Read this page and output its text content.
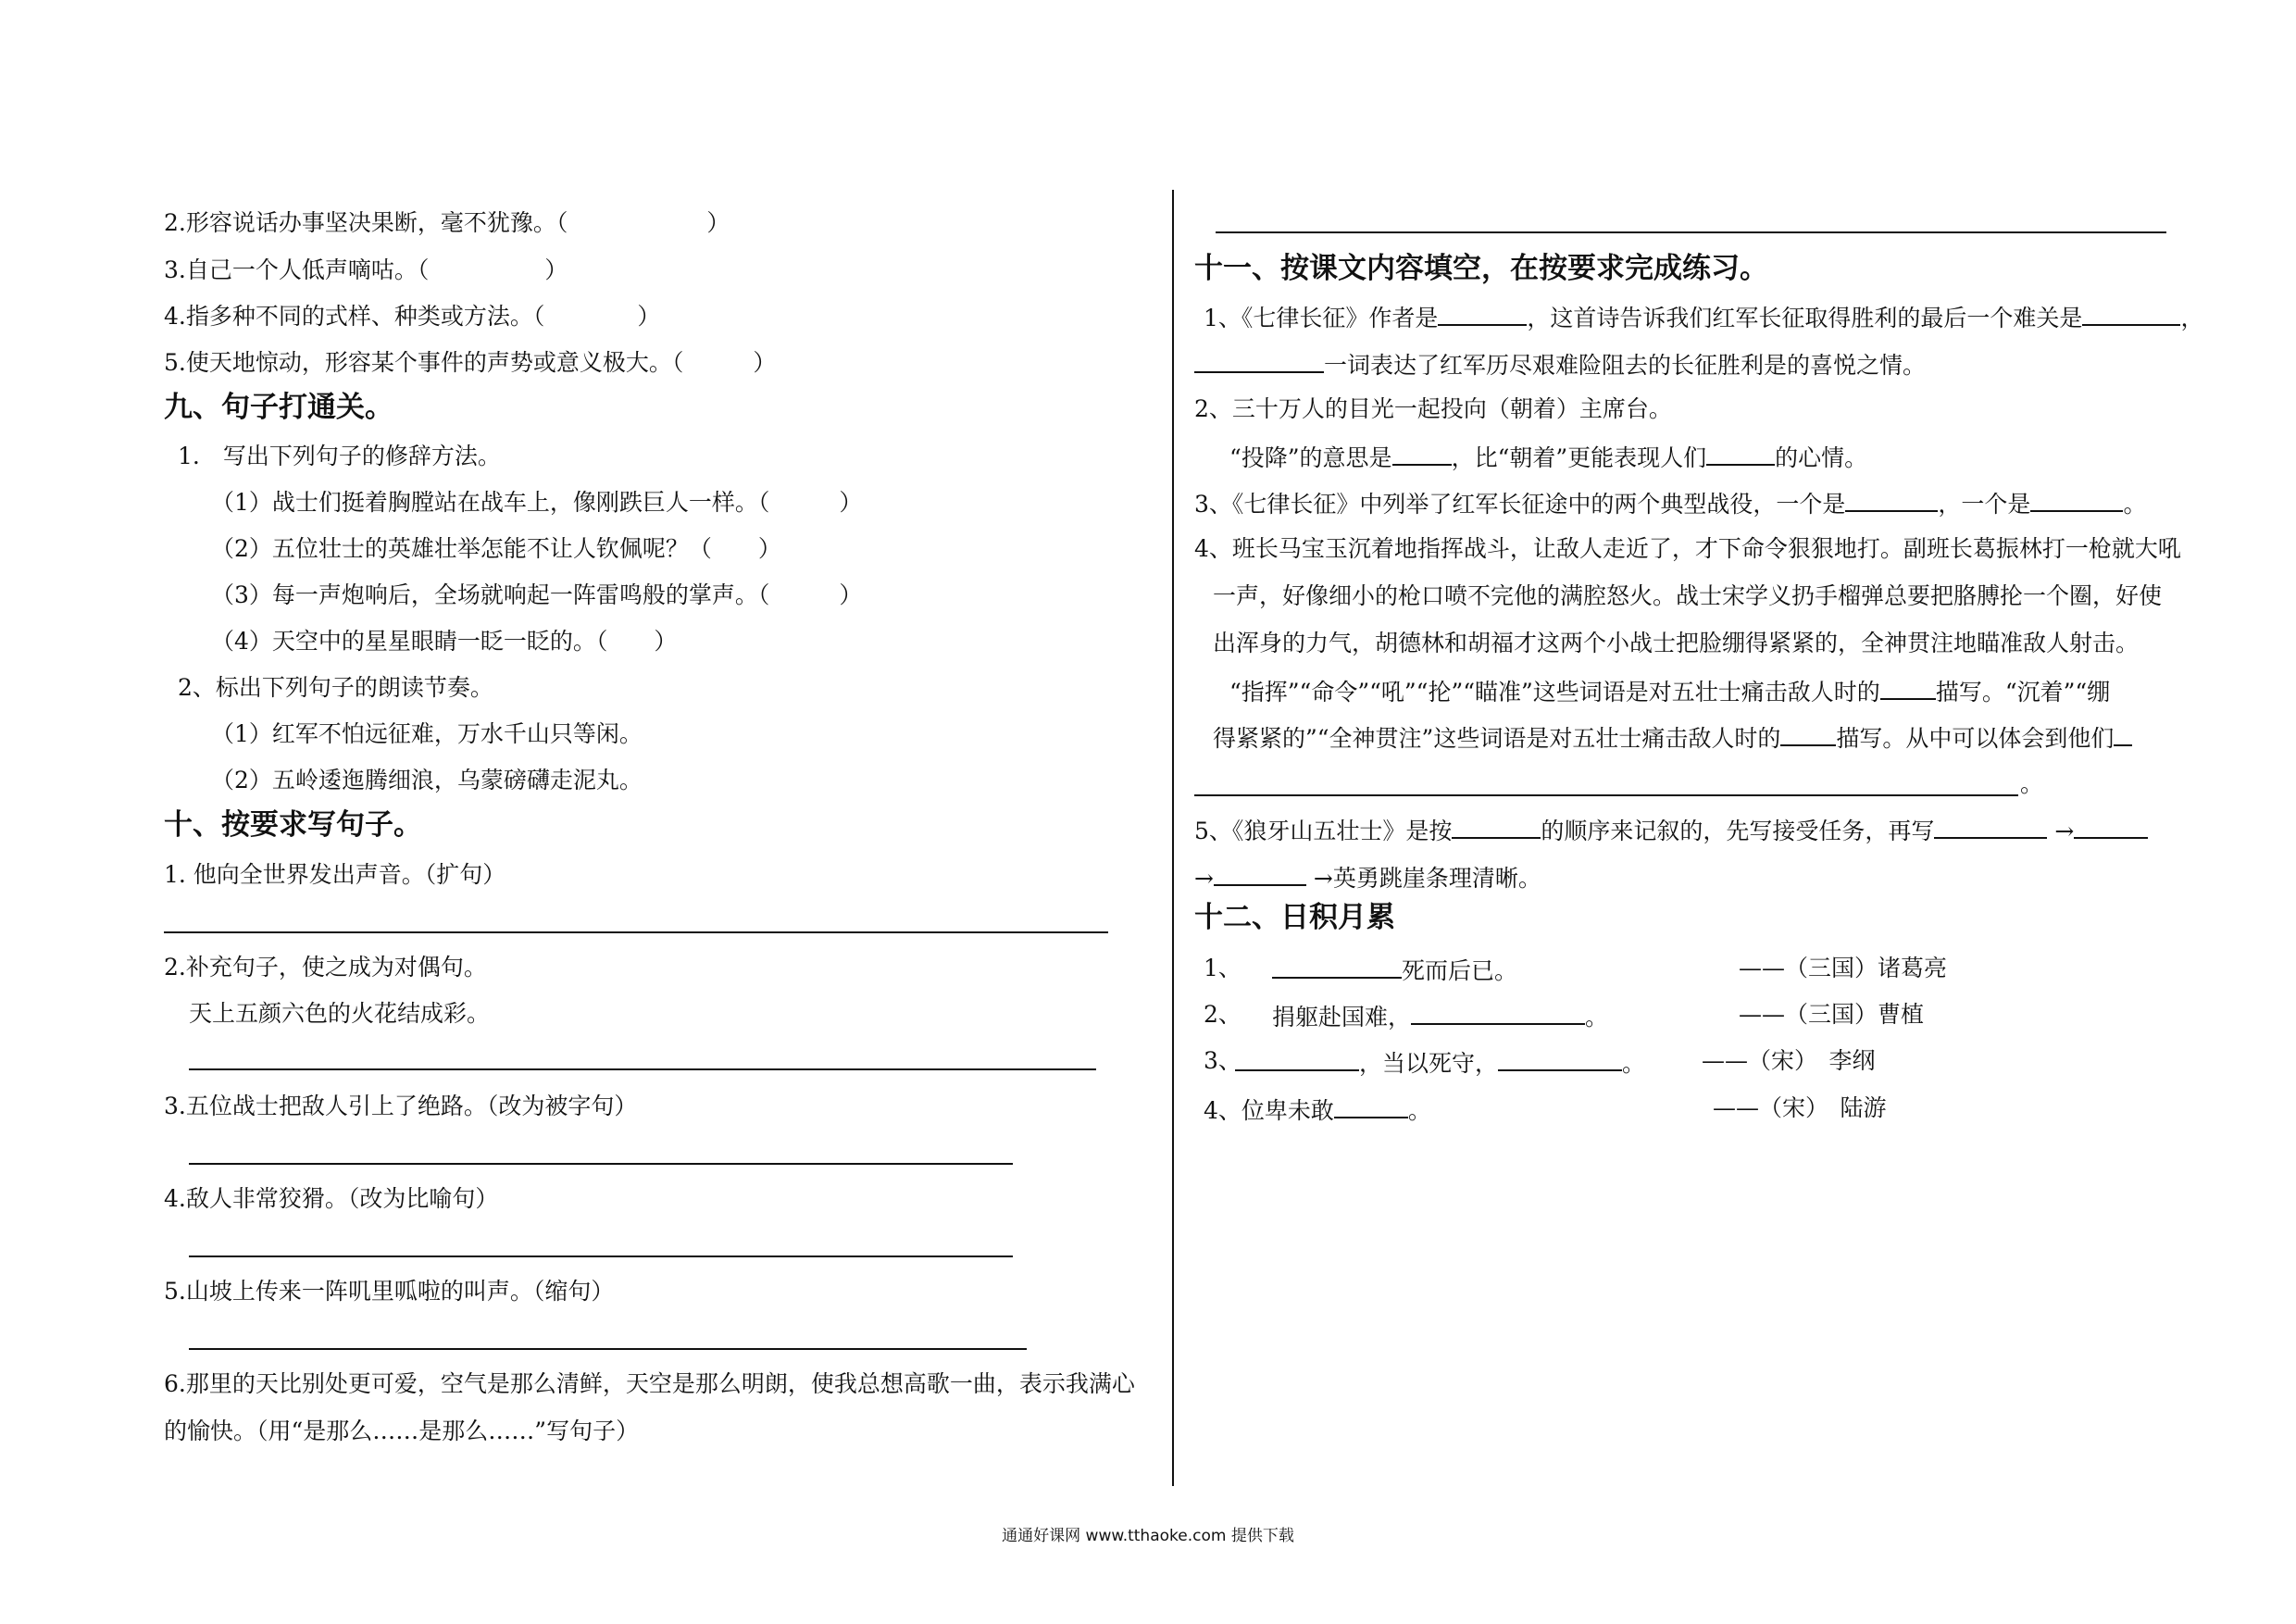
2.形容说话办事坚决果断，毫不犹豫。（　　　　　　）

3.自己一个人低声嘀咕。（　　　　　）

4.指多种不同的式样、种类或方法。（　　　　）

5.使天地惊动，形容某个事件的声势或意义极大。（　　　）

九、句子打通关。

1.　写出下列句子的修辞方法。

（1）战士们挺着胸膛站在战车上，像刚跌巨人一样。（　　　）

（2）五位壮士的英雄壮举怎能不让人钦佩呢？（　　）

（3）每一声炮响后，全场就响起一阵雷鸣般的掌声。（　　　）

（4）天空中的星星眼睛一眨一眨的。（　　）

2、标出下列句子的朗读节奏。

（1）红军不怕远征难，万水千山只等闲。

（2）五岭逶迤腾细浪，乌蒙磅礴走泥丸。

十、按要求写句子。

1. 他向全世界发出声音。（扩句）

2.补充句子，使之成为对偶句。

天上五颜六色的火花结成彩。

3.五位战士把敌人引上了绝路。（改为被字句）

4.敌人非常狡猾。（改为比喻句）

5.山坡上传来一阵叽里呱啦的叫声。（缩句）

6.那里的天比别处更可爱，空气是那么清鲜，天空是那么明朗，使我总想高歌一曲，表示我满心

的愉快。（用“是那么……是那么……”写句子）

十一、按课文内容填空，在按要求完成练习。

1、《七律长征》作者是	，这首诗告诉我们红军长征取得胜利的最后一个难关是	，

一词表达了红军历尽艰难险阻去的长征胜利是的喜悦之情。

2、三十万人的目光一起投向（朝着）主席台。

“投降”的意思是	，比“朝着”更能表现人们	的心情。

3、《七律长征》中列举了红军长征途中的两个典型战役，一个是	，一个是	。

4、班长马宝玉沉着地指挥战斗，让敌人走近了，才下命令狠狠地打。副班长葛振林打一枪就大吼

一声，好像细小的枪口喷不完他的满腔怒火。战士宋学义扔手榴弹总要把胳膊抡一个圈，好使

出浑身的力气，胡德林和胡福才这两个小战士把脸绷得紧紧的，全神贯注地瞄准敌人射击。

“指挥”“命令”“吼”“抡”“瞄准”这些词语是对五壮士痛击敌人时的 描写。“沉着”“绷

得紧紧的”“全神贯注”这些词语是对五壮士痛击敌人时的 描写。从中可以体会到他们

。

5、《狼牙山五壮士》是按	的顺序来记叙的，先写接受任务，再写	→

→	→英勇跳崖条理清晰。

十二、日积月累

1、	死而后已。	——（三国）诸葛亮

2、 捐躯赴国难，	。	——（三国）曹植

3、	，当以死守，	。 ——（宋）　李纲

4、位卑未敢	。	——（宋）　陆游

通通好课网 www.tthaoke.com 提供下载
